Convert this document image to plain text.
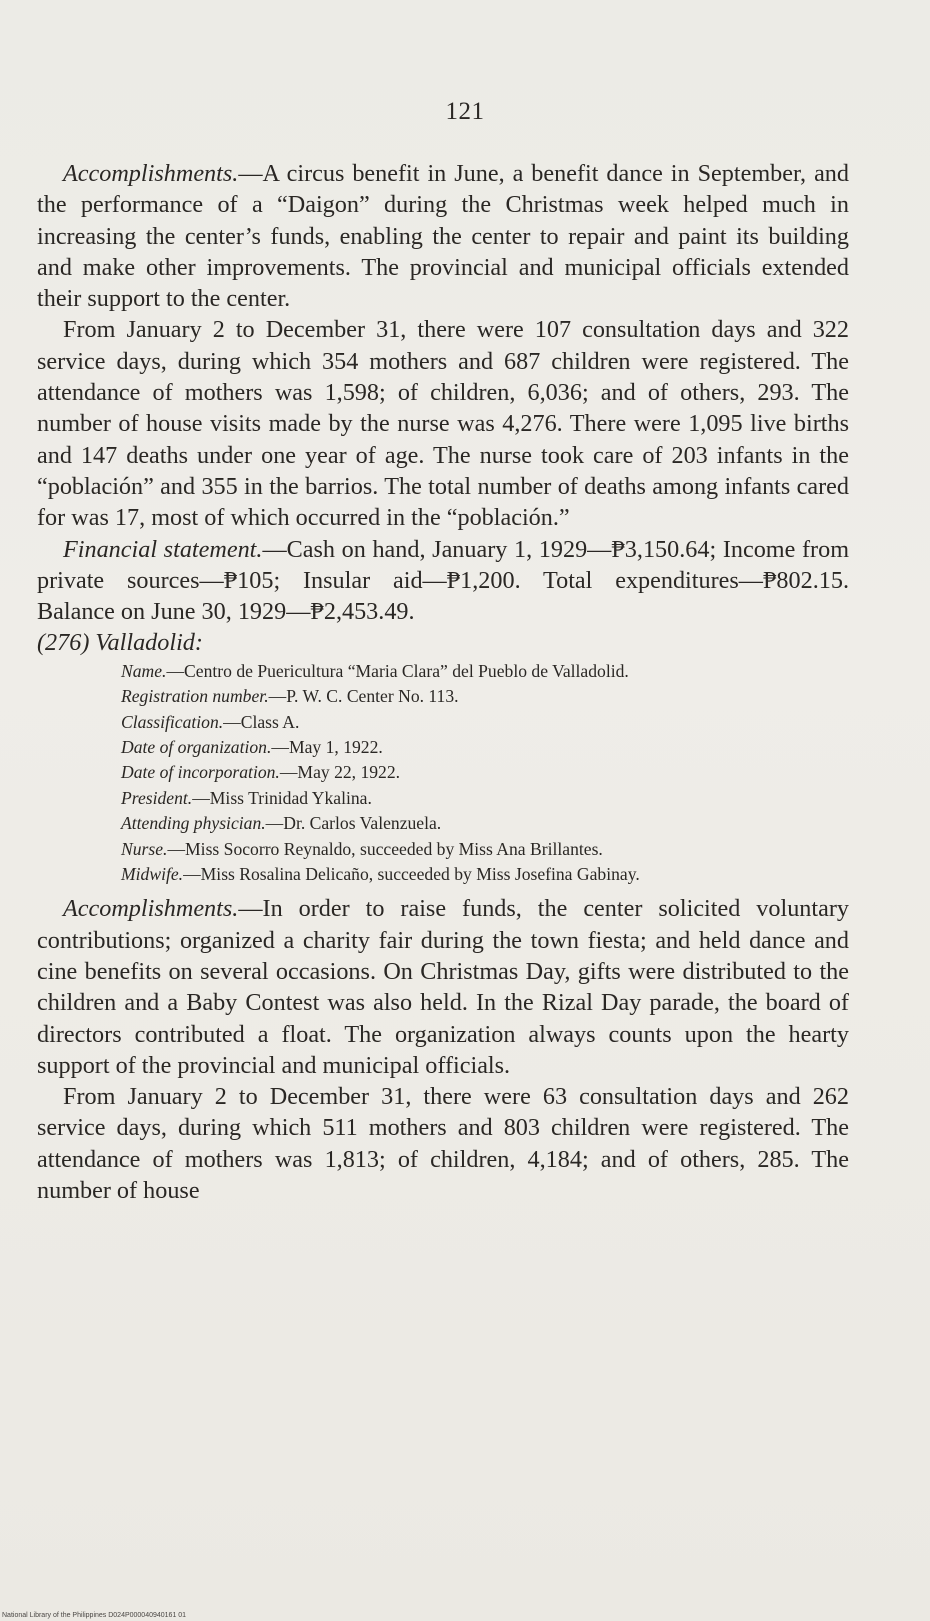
121

Accomplishments.—A circus benefit in June, a benefit dance in September, and the performance of a “Daigon” during the Christmas week helped much in increasing the center’s funds, enabling the center to repair and paint its building and make other improvements. The provincial and municipal officials extended their support to the center.

From January 2 to December 31, there were 107 consultation days and 322 service days, during which 354 mothers and 687 children were registered. The attendance of mothers was 1,598; of children, 6,036; and of others, 293. The number of house visits made by the nurse was 4,276. There were 1,095 live births and 147 deaths under one year of age. The nurse took care of 203 infants in the “población” and 355 in the barrios. The total number of deaths among infants cared for was 17, most of which occurred in the “población.”

Financial statement.—Cash on hand, January 1, 1929—₱3,150.64; Income from private sources—₱105; Insular aid—₱1,200. Total expenditures—₱802.15. Balance on June 30, 1929—₱2,453.49.

(276) Valladolid:

Name.—Centro de Puericultura “Maria Clara” del Pueblo de Valladolid.
Registration number.—P. W. C. Center No. 113.
Classification.—Class A.
Date of organization.—May 1, 1922.
Date of incorporation.—May 22, 1922.
President.—Miss Trinidad Ykalina.
Attending physician.—Dr. Carlos Valenzuela.
Nurse.—Miss Socorro Reynaldo, succeeded by Miss Ana Brillantes.
Midwife.—Miss Rosalina Delicaño, succeeded by Miss Josefina Gabinay.

Accomplishments.—In order to raise funds, the center solicited voluntary contributions; organized a charity fair during the town fiesta; and held dance and cine benefits on several occasions. On Christmas Day, gifts were distributed to the children and a Baby Contest was also held. In the Rizal Day parade, the board of directors contributed a float. The organization always counts upon the hearty support of the provincial and municipal officials.

From January 2 to December 31, there were 63 consultation days and 262 service days, during which 511 mothers and 803 children were registered. The attendance of mothers was 1,813; of children, 4,184; and of others, 285. The number of house

National Library of the Philippines D024P000040940161 01
